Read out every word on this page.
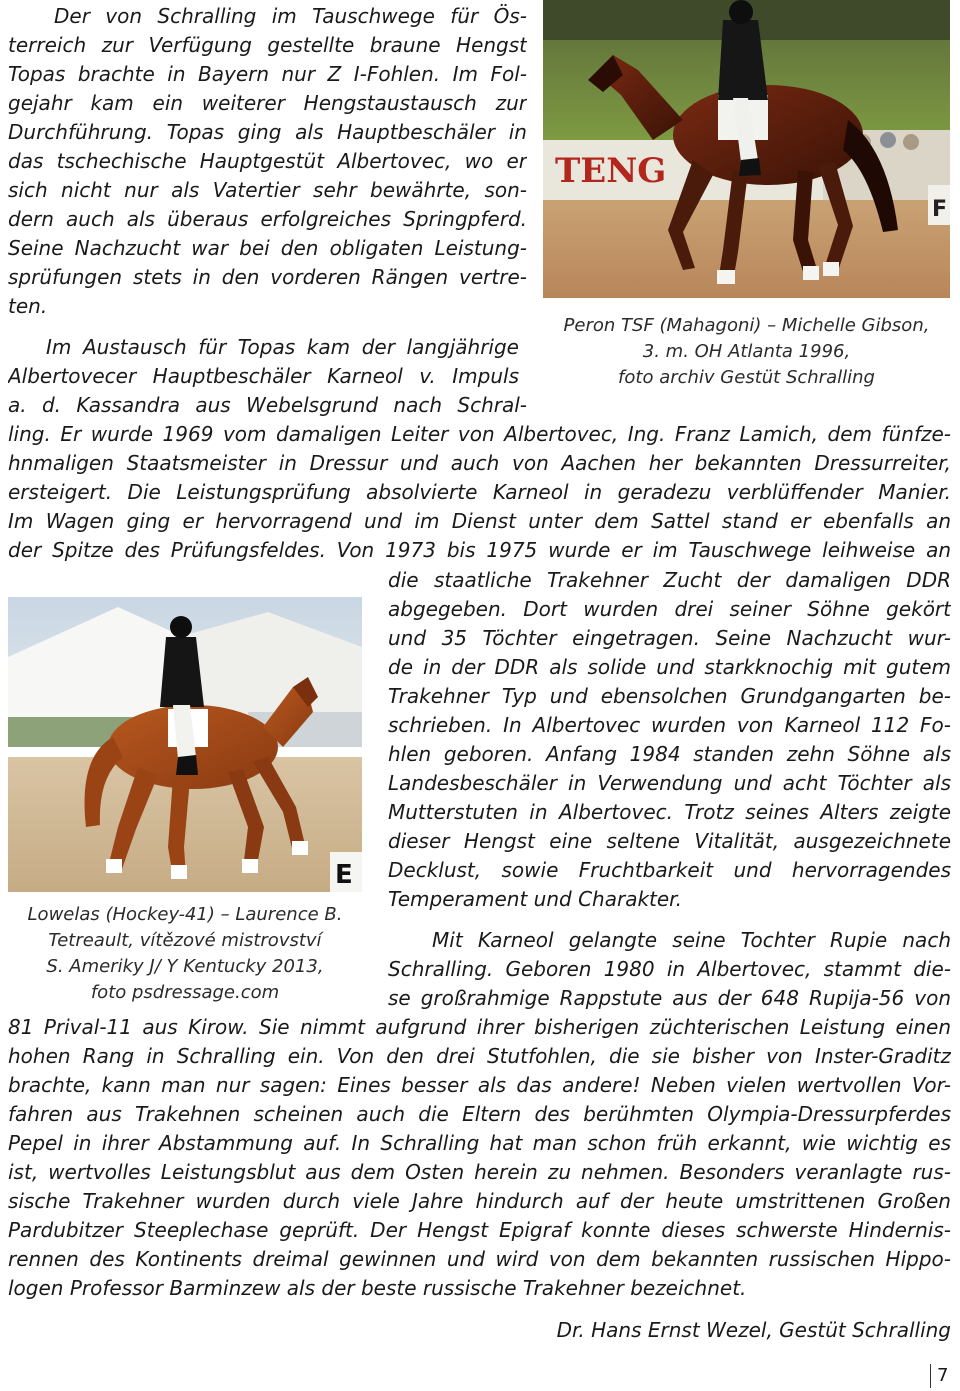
Der von Schralling im Tauschwege für Ös-
terreich zur Verfügung gestellte braune Hengst
Topas brachte in Bayern nur Z I-Fohlen. Im Fol-
gejahr kam ein weiterer Hengstaustausch zur
Durchführung. Topas ging als Hauptbeschäler in
das tschechische Hauptgestüt Albertovec, wo er
sich nicht nur als Vatertier sehr bewährte, son-
dern auch als überaus erfolgreiches Springpferd.
Seine Nachzucht war bei den obligaten Leistung-
sprüfungen stets in den vorderen Rängen vertre-
ten.
Im Austausch für Topas kam der langjährige
Albertovecer Hauptbeschäler Karneol v. Impuls
a. d. Kassandra aus Webelsgrund nach Schral-
TENG
F
Peron TSF (Mahagoni) – Michelle Gibson,
3. m. OH Atlanta 1996,
foto archiv Gestüt Schralling
ling. Er wurde 1969 vom damaligen Leiter von Albertovec, Ing. Franz Lamich, dem fünfze-
hnmaligen Staatsmeister in Dressur und auch von Aachen her bekannten Dressurreiter,
ersteigert. Die Leistungsprüfung absolvierte Karneol in geradezu verblüffender Manier.
Im Wagen ging er hervorragend und im Dienst unter dem Sattel stand er ebenfalls an
der Spitze des Prüfungsfeldes. Von 1973 bis 1975 wurde er im Tauschwege leihweise an
E
Lowelas (Hockey-41) – Laurence B.
Tetreault, vítězové mistrovství
S. Ameriky J/ Y Kentucky 2013,
foto psdressage.com
die staatliche Trakehner Zucht der damaligen DDR
abgegeben. Dort wurden drei seiner Söhne gekört
und 35 Töchter eingetragen. Seine Nachzucht wur-
de in der DDR als solide und starkknochig mit gutem
Trakehner Typ und ebensolchen Grundgangarten be-
schrieben. In Albertovec wurden von Karneol 112 Fo-
hlen geboren. Anfang 1984 standen zehn Söhne als
Landesbeschäler in Verwendung und acht Töchter als
Mutterstuten in Albertovec. Trotz seines Alters zeigte
dieser Hengst eine seltene Vitalität, ausgezeichnete
Decklust, sowie Fruchtbarkeit und hervorragendes
Temperament und Charakter.
Mit Karneol gelangte seine Tochter Rupie nach
Schralling. Geboren 1980 in Albertovec, stammt die-
se großrahmige Rappstute aus der 648 Rupija-56 von
81 Prival-11 aus Kirow. Sie nimmt aufgrund ihrer bisherigen züchterischen Leistung einen
hohen Rang in Schralling ein. Von den drei Stutfohlen, die sie bisher von Inster-Graditz
brachte, kann man nur sagen: Eines besser als das andere! Neben vielen wertvollen Vor-
fahren aus Trakehnen scheinen auch die Eltern des berühmten Olympia-Dressurpferdes
Pepel in ihrer Abstammung auf. In Schralling hat man schon früh erkannt, wie wichtig es
ist, wertvolles Leistungsblut aus dem Osten herein zu nehmen. Besonders veranlagte rus-
sische Trakehner wurden durch viele Jahre hindurch auf der heute umstrittenen Großen
Pardubitzer Steeplechase geprüft. Der Hengst Epigraf konnte dieses schwerste Hindernis-
rennen des Kontinents dreimal gewinnen und wird von dem bekannten russischen Hippo-
logen Professor Barminzew als der beste russische Trakehner bezeichnet.
Dr. Hans Ernst Wezel, Gestüt Schralling
7
